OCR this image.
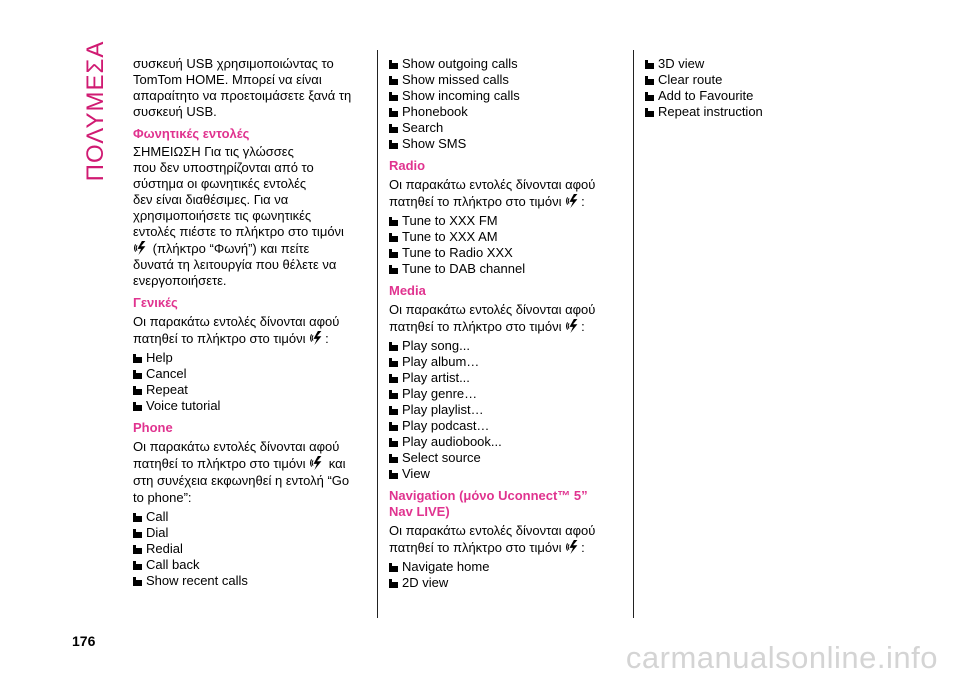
ΠΟΛΥΜΕΣΑ συσκευή USB χρησιμοποιώντας το

TomTom HOME. Μπορεί να είναι

απαραίτητο να προετοιμάσετε ξανά τη

συσκευή USB.

Φωνητικές εντολές

ΣΗΜΕΙΩΣΗ Για τις γλώσσες

που δεν υποστηρίζονται από το

σύστημα οι φωνητικές εντολές

δεν είναι διαθέσιμες. Για να

χρησιμοποιήσετε τις φωνητικές

εντολές πιέστε το πλήκτρο στο τιμόνι

(πλήκτρο “Φωνή”) και πείτε

δυνατά τη λειτουργία που θέλετε να

ενεργοποιήσετε.

Γενικές
Οι παρακάτω εντολές δίνονται αφού
πατηθεί το πλήκτρο στο τιμόνι :
Help
Cancel
Repeat
Voice tutorial
Phone
Οι παρακάτω εντολές δίνονται αφού
πατηθεί το πλήκτρο στο τιμόνι και
στη συνέχεια εκφωνηθεί η εντολή “Go
to phone”:
Call
Dial
Redial
Call back
Show recent calls
Show outgoing calls
Show missed calls
Show incoming calls
Phonebook
Search
Show SMS
Radio
Οι παρακάτω εντολές δίνονται αφού
πατηθεί το πλήκτρο στο τιμόνι :
Tune to XXX FM
Tune to XXX AM
Tune to Radio XXX
Tune to DAB channel
Media
Οι παρακάτω εντολές δίνονται αφού
πατηθεί το πλήκτρο στο τιμόνι :
Play song...
Play album…
Play artist...
Play genre…
Play playlist…
Play podcast…
Play audiobook...
Select source
View
Navigation (μόνο Uconnect™ 5”
Nav LIVE)
Οι παρακάτω εντολές δίνονται αφού
πατηθεί το πλήκτρο στο τιμόνι :
Navigate home
2D view
3D view
Clear route
Add to Favourite
Repeat instruction
176	carmanualsonline.info
